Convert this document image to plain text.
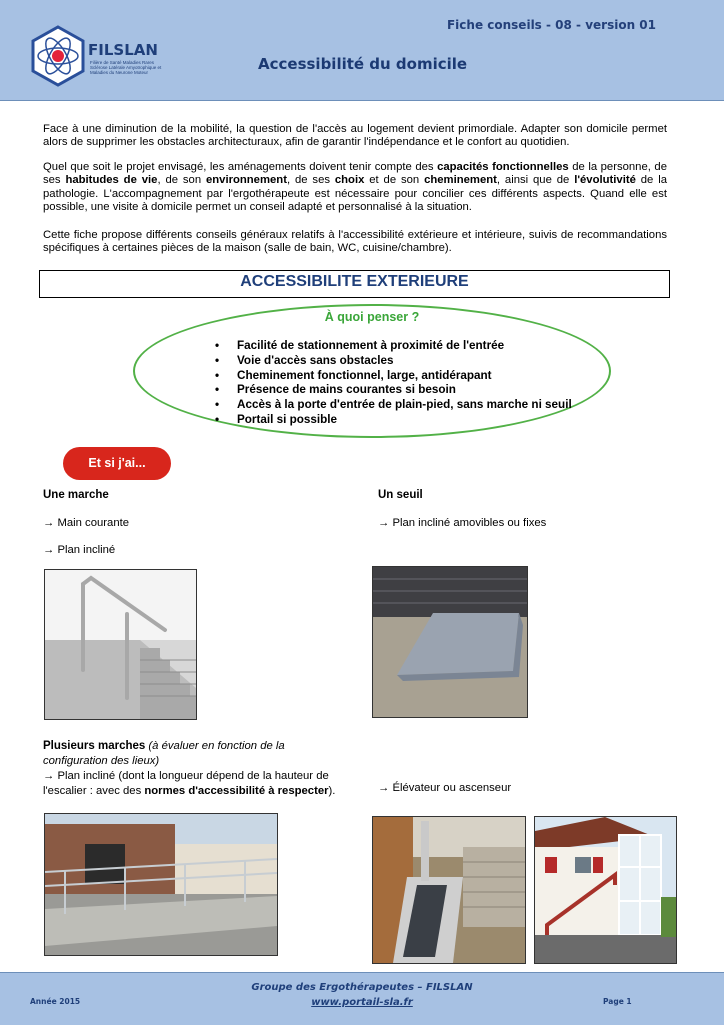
FILSLAN
Filière de Santé Maladies Rares Sclérose Latérale Amyotrophique et Maladies du Neurone Moteur
Fiche conseils - 08 - version 01
Accessibilité du domicile
Face à une diminution de la mobilité, la question de l'accès au logement devient primordiale. Adapter son domicile permet alors de supprimer les obstacles architecturaux, afin de garantir l'indépendance et le confort au quotidien.
Quel que soit le projet envisagé, les aménagements doivent tenir compte des capacités fonctionnelles de la personne, de ses habitudes de vie, de son environnement, de ses choix et de son cheminement, ainsi que de l'évolutivité de la pathologie. L'accompagnement par l'ergothérapeute est nécessaire pour concilier ces différents aspects. Quand elle est possible, une visite à domicile permet un conseil adapté et personnalisé à la situation.
Cette fiche propose différents conseils généraux relatifs à l'accessibilité extérieure et intérieure, suivis de recommandations spécifiques à certaines pièces de la maison (salle de bain, WC, cuisine/chambre).
ACCESSIBILITE EXTERIEURE
À quoi penser ?
• Facilité de stationnement à proximité de l'entrée
• Voie d'accès sans obstacles
• Cheminement fonctionnel, large, antidérapant
• Présence de mains courantes si besoin
• Accès à la porte d'entrée de plain-pied, sans marche ni seuil
• Portail si possible
Et si j'ai...
Une marche
→ Main courante
→ Plan incliné
Un seuil
→ Plan incliné amovibles ou fixes
Plusieurs marches (à évaluer en fonction de la configuration des lieux)
→ Plan incliné (dont la longueur dépend de la hauteur de l'escalier : avec des normes d'accessibilité à respecter).	→ Élévateur ou ascenseur
Groupe des Ergothérapeutes – FILSLAN
www.portail-sla.fr
Année 2015	Page 1
